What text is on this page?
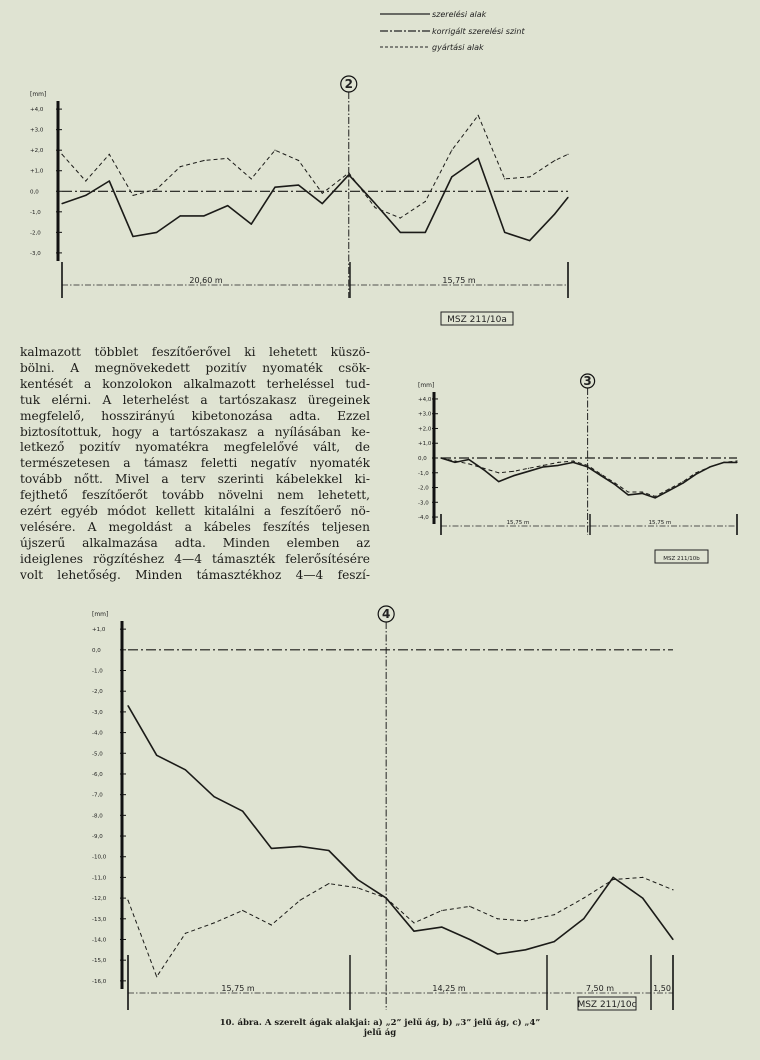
szerelési alak
korrigált szerelési szint
gyártási alak
[mm]
+4,0
+3,0
+2,0
+1,0
0,0
-1,0
-2,0
-3,0
2
20,60 m	15,75 m
MSZ 211/10a
[mm]
+4,0
+3,0
+2,0
+1,0
0,0
-1,0
-2,0
-3,0
-4,0
3
15,75 m	15,75 m
MSZ 211/10b
[mm]
+1,0
0,0
-1,0
-2,0
-3,0
-4,0
-5,0
-6,0
-7,0
-8,0
-9,0
-10,0
-11,0
-12,0
-13,0
-14,0
-15,0
-16,0
4
15,75 m	14,25 m	7,50 m	1,50
MSZ 211/10c
kalmazott többlet feszítőerővel ki lehetett küszö-
bölni. A megnövekedett pozitív nyomaték csök-
kentését a konzolokon alkalmazott terheléssel tud-
tuk elérni. A leterhelést a tartószakasz üregeinek
megfelelő, hosszirányú kibetonozása adta. Ezzel
biztosítottuk, hogy a tartószakasz a nyílásában ke-
letkező pozitív nyomatékra megfelelővé vált, de
természetesen a támasz feletti negatív nyomaték
tovább nőtt. Mivel a terv szerinti kábelekkel ki-
fejthető feszítőerőt tovább növelni nem lehetett,
ezért egyéb módot kellett kitalálni a feszítőerő nö-
velésére. A megoldást a kábeles feszítés teljesen
újszerű alkalmazása adta. Minden elemben az
ideiglenes rögzítéshez 4—4 támaszték felerősítésére
volt lehetőség. Minden támasztékhoz 4—4 feszí-
10. ábra. A szerelt ágak alakjai: a) „2” jelű ág, b) „3” jelű ág, c) „4”
jelű ág
